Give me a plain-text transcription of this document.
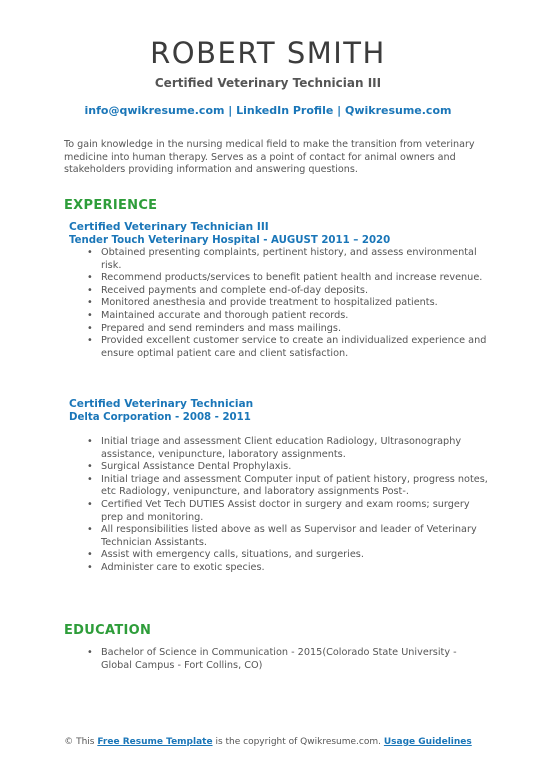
ROBERT SMITH
Certified Veterinary Technician III
info@qwikresume.com | LinkedIn Profile | Qwikresume.com
To gain knowledge in the nursing medical field to make the transition from veterinary medicine into human therapy. Serves as a point of contact for animal owners and stakeholders providing information and answering questions.
EXPERIENCE
Certified Veterinary Technician III
Tender Touch Veterinary Hospital - AUGUST 2011 – 2020
• Obtained presenting complaints, pertinent history, and assess environmental risk.
• Recommend products/services to benefit patient health and increase revenue.
• Received payments and complete end-of-day deposits.
• Monitored anesthesia and provide treatment to hospitalized patients.
• Maintained accurate and thorough patient records.
• Prepared and send reminders and mass mailings.
• Provided excellent customer service to create an individualized experience and ensure optimal patient care and client satisfaction.
Certified Veterinary Technician
Delta Corporation - 2008 - 2011
• Initial triage and assessment Client education Radiology, Ultrasonography assistance, venipuncture, laboratory assignments.
• Surgical Assistance Dental Prophylaxis.
• Initial triage and assessment Computer input of patient history, progress notes, etc Radiology, venipuncture, and laboratory assignments Post-.
• Certified Vet Tech DUTIES Assist doctor in surgery and exam rooms; surgery prep and monitoring.
• All responsibilities listed above as well as Supervisor and leader of Veterinary Technician Assistants.
• Assist with emergency calls, situations, and surgeries.
• Administer care to exotic species.
EDUCATION
• Bachelor of Science in Communication - 2015(Colorado State University - Global Campus - Fort Collins, CO)
© This Free Resume Template is the copyright of Qwikresume.com. Usage Guidelines
